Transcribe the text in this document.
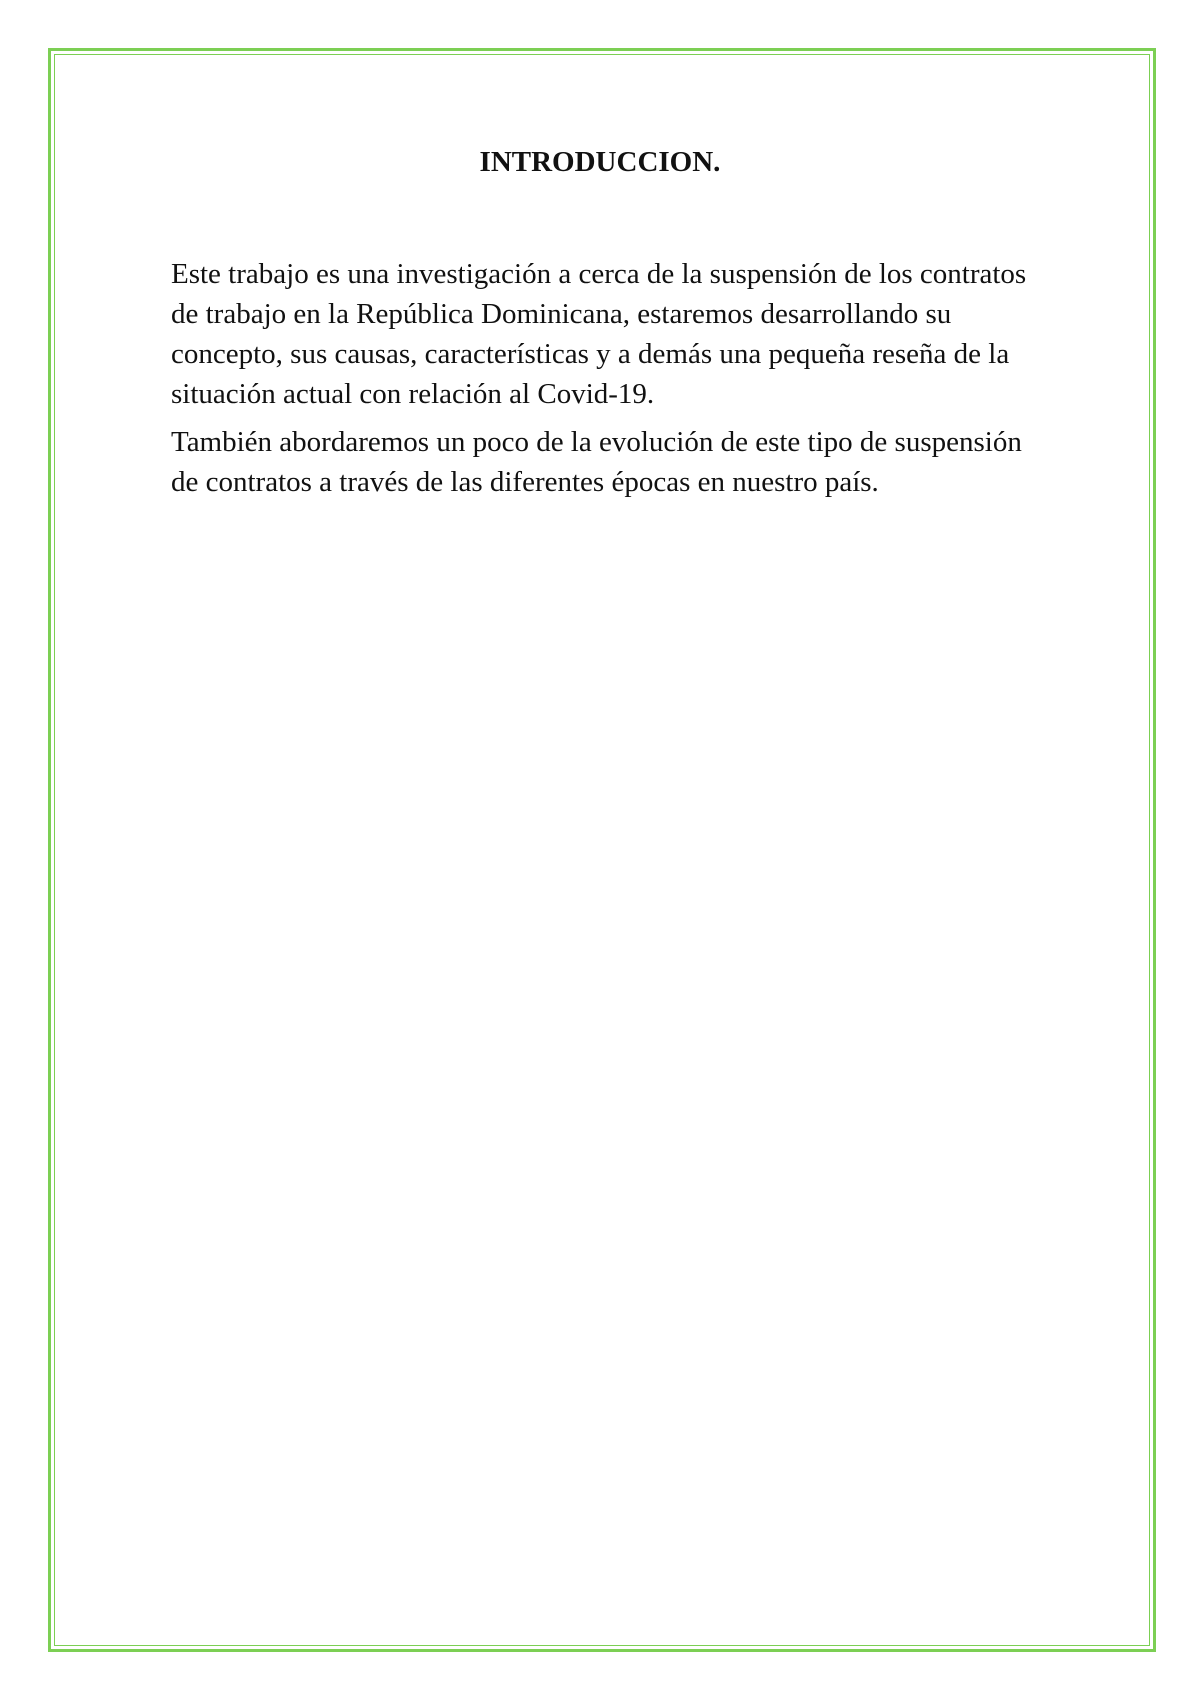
INTRODUCCION.

Este trabajo es una investigación a cerca de la suspensión de los contratos de trabajo en la República Dominicana, estaremos desarrollando su concepto, sus causas, características y a demás una pequeña reseña de la situación actual con relación al Covid-19.

También abordaremos un poco de la evolución de este tipo de suspensión de contratos a través de las diferentes épocas en nuestro país.
